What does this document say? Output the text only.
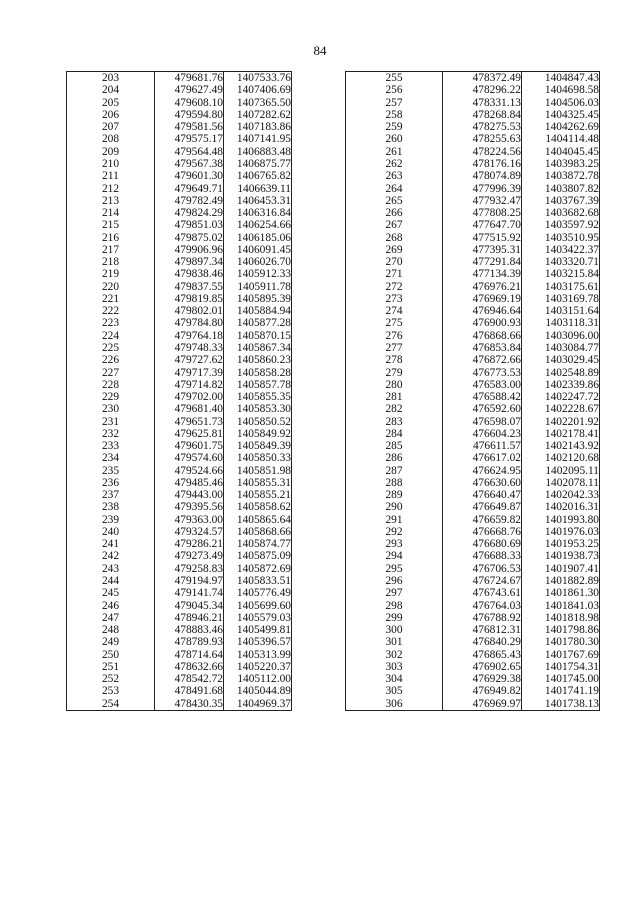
84
203	479681.76	1407533.76
204	479627.49	1407406.69
205	479608.10	1407365.50
206	479594.80	1407282.62
207	479581.56	1407183.86
208	479575.17	1407141.95
209	479564.48	1406883.48
210	479567.38	1406875.77
211	479601.30	1406765.82
212	479649.71	1406639.11
213	479782.49	1406453.31
214	479824.29	1406316.84
215	479851.03	1406254.66
216	479875.02	1406185.06
217	479906.96	1406091.45
218	479897.34	1406026.70
219	479838.46	1405912.33
220	479837.55	1405911.78
221	479819.85	1405895.39
222	479802.01	1405884.94
223	479784.80	1405877.28
224	479764.18	1405870.15
225	479748.33	1405867.34
226	479727.62	1405860.23
227	479717.39	1405858.28
228	479714.82	1405857.78
229	479702.00	1405855.35
230	479681.40	1405853.30
231	479651.73	1405850.52
232	479625.81	1405849.92
233	479601.75	1405849.39
234	479574.60	1405850.33
235	479524.66	1405851.98
236	479485.46	1405855.31
237	479443.00	1405855.21
238	479395.56	1405858.62
239	479363.00	1405865.64
240	479324.57	1405868.66
241	479286.21	1405874.77
242	479273.49	1405875.09
243	479258.83	1405872.69
244	479194.97	1405833.51
245	479141.74	1405776.49
246	479045.34	1405699.60
247	478946.21	1405579.03
248	478883.46	1405499.81
249	478789.93	1405396.57
250	478714.64	1405313.99
251	478632.66	1405220.37
252	478542.72	1405112.00
253	478491.68	1405044.89
254	478430.35	1404969.37
255	478372.49	1404847.43
256	478296.22	1404698.58
257	478331.13	1404506.03
258	478268.84	1404325.45
259	478275.53	1404262.69
260	478255.63	1404114.48
261	478224.56	1404045.45
262	478176.16	1403983.25
263	478074.89	1403872.78
264	477996.39	1403807.82
265	477932.47	1403767.39
266	477808.25	1403682.68
267	477647.70	1403597.92
268	477515.92	1403510.95
269	477395.31	1403422.37
270	477291.84	1403320.71
271	477134.39	1403215.84
272	476976.21	1403175.61
273	476969.19	1403169.78
274	476946.64	1403151.64
275	476900.93	1403118.31
276	476868.66	1403096.00
277	476853.84	1403084.77
278	476872.66	1403029.45
279	476773.53	1402548.89
280	476583.00	1402339.86
281	476588.42	1402247.72
282	476592.60	1402228.67
283	476598.07	1402201.92
284	476604.23	1402178.41
285	476611.57	1402143.92
286	476617.02	1402120.68
287	476624.95	1402095.11
288	476630.60	1402078.11
289	476640.47	1402042.33
290	476649.87	1402016.31
291	476659.82	1401993.80
292	476668.76	1401976.03
293	476680.69	1401953.25
294	476688.33	1401938.73
295	476706.53	1401907.41
296	476724.67	1401882.89
297	476743.61	1401861.30
298	476764.03	1401841.03
299	476788.92	1401818.98
300	476812.31	1401798.86
301	476840.29	1401780.30
302	476865.43	1401767.69
303	476902.65	1401754.31
304	476929.38	1401745.00
305	476949.82	1401741.19
306	476969.97	1401738.13
